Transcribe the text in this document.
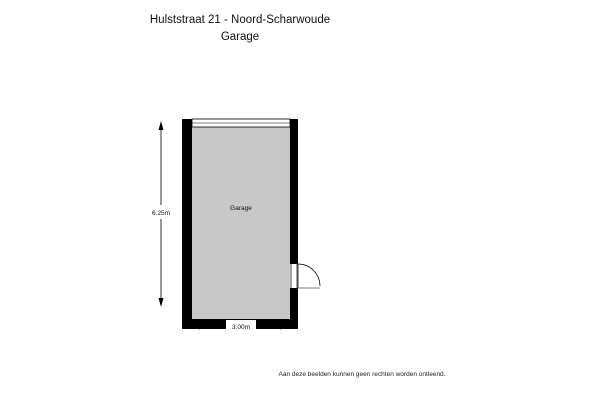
Hulststraat 21 - Noord-Scharwoude
Garage
Garage
6.25m
3.00m
Aan deze beelden kunnen geen rechten worden ontleend.
